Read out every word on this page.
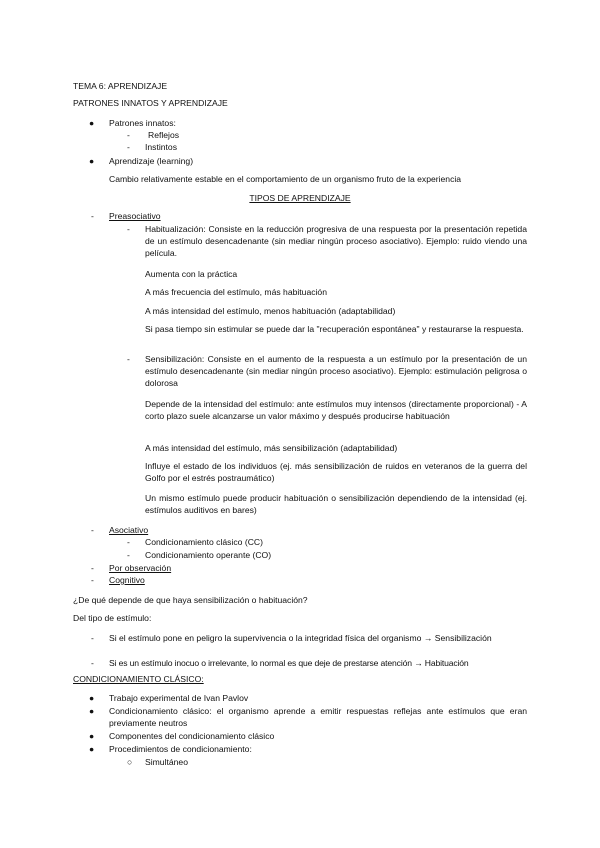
TEMA 6: APRENDIZAJE
PATRONES INNATOS Y APRENDIZAJE
● Patrones innatos:
- Reflejos
- Instintos
● Aprendizaje (learning)
Cambio relativamente estable en el comportamiento de un organismo fruto de la experiencia
TIPOS DE APRENDIZAJE
- Preasociativo
- Habitualización: Consiste en la reducción progresiva de una respuesta por la presentación repetida de un estímulo desencadenante (sin mediar ningún proceso asociativo). Ejemplo: ruido viendo una película.
Aumenta con la práctica
A más frecuencia del estímulo, más habituación
A más intensidad del estímulo, menos habituación (adaptabilidad)
Si pasa tiempo sin estimular se puede dar la "recuperación espontánea" y restaurarse la respuesta.
- Sensibilización: Consiste en el aumento de la respuesta a un estímulo por la presentación de un estímulo desencadenante (sin mediar ningún proceso asociativo). Ejemplo: estimulación peligrosa o dolorosa
Depende de la intensidad del estímulo: ante estímulos muy intensos (directamente proporcional) - A corto plazo suele alcanzarse un valor máximo y después producirse habituación
A más intensidad del estímulo, más sensibilización (adaptabilidad)
Influye el estado de los individuos (ej. más sensibilización de ruidos en veteranos de la guerra del Golfo por el estrés postraumático)
Un mismo estímulo puede producir habituación o sensibilización dependiendo de la intensidad (ej. estímulos auditivos en bares)
- Asociativo
- Condicionamiento clásico (CC)
- Condicionamiento operante (CO)
- Por observación
- Cognitivo
¿De qué depende de que haya sensibilización o habituación?
Del tipo de estímulo:
- Si el estímulo pone en peligro la supervivencia o la integridad física del organismo → Sensibilización
- Si es un estímulo inocuo o irrelevante, lo normal es que deje de prestarse atención → Habituación
CONDICIONAMIENTO CLÁSICO:
● Trabajo experimental de Ivan Pavlov
● Condicionamiento clásico: el organismo aprende a emitir respuestas reflejas ante estímulos que eran previamente neutros
● Componentes del condicionamiento clásico
● Procedimientos de condicionamiento:
○ Simultáneo
